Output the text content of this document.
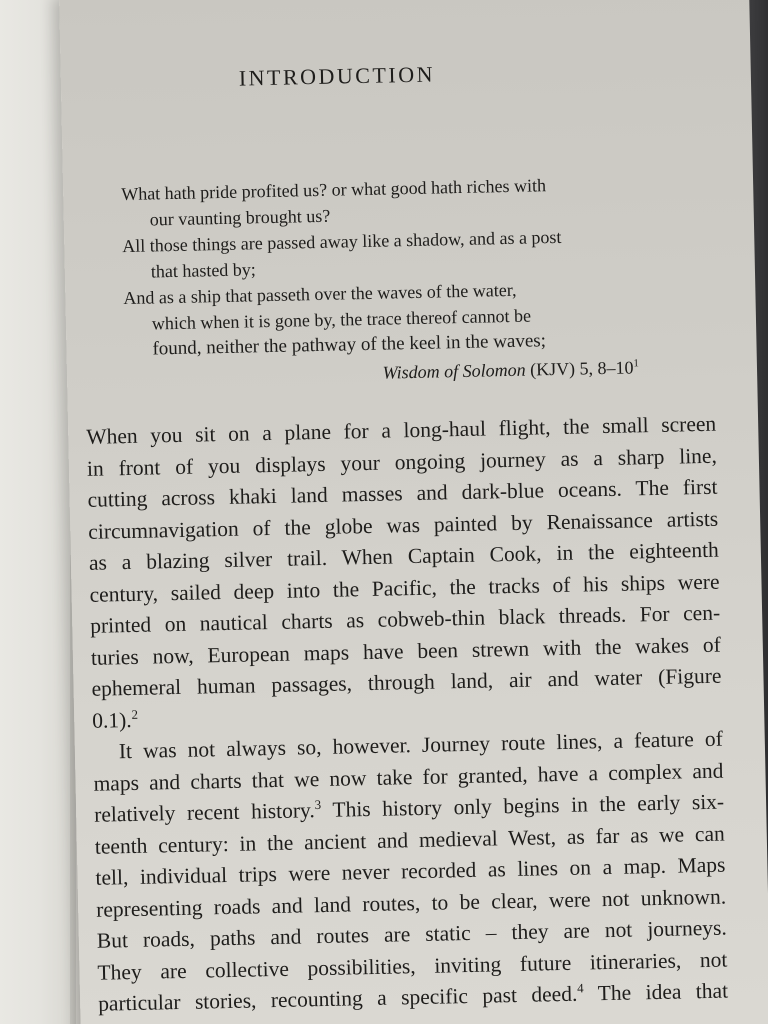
INTRODUCTION
What hath pride profited us? or what good hath riches with
our vaunting brought us?
All those things are passed away like a shadow, and as a post
that hasted by;
And as a ship that passeth over the waves of the water,
which when it is gone by, the trace thereof cannot be
found, neither the pathway of the keel in the waves;
Wisdom of Solomon (KJV) 5, $8-10^1$
When you sit on a plane for a long-haul flight, the small screen
in front of you displays your ongoing journey as a sharp line,
cutting across khaki land masses and dark-blue oceans. The first
circumnavigation of the globe was painted by Renaissance artists
as a blazing silver trail. When Captain Cook, in the eighteenth
century, sailed deep into the Pacific, the tracks of his ships were
printed on nautical charts as cobweb-thin black threads. For cen-
turies now, European maps have been strewn with the wakes of
ephemeral human passages, through land, air and water (Figure
0.1).$^2$
It was not always so, however. Journey route lines, a feature of
maps and charts that we now take for granted, have a complex and
relatively recent history.$^3$ This history only begins in the early six-
teenth century: in the ancient and medieval West, as far as we can
tell, individual trips were never recorded as lines on a map. Maps
representing roads and land routes, to be clear, were not unknown.
But roads, paths and routes are static – they are not journeys.
They are collective possibilities, inviting future itineraries, not
particular stories, recounting a specific past deed.$^4$ The idea that
